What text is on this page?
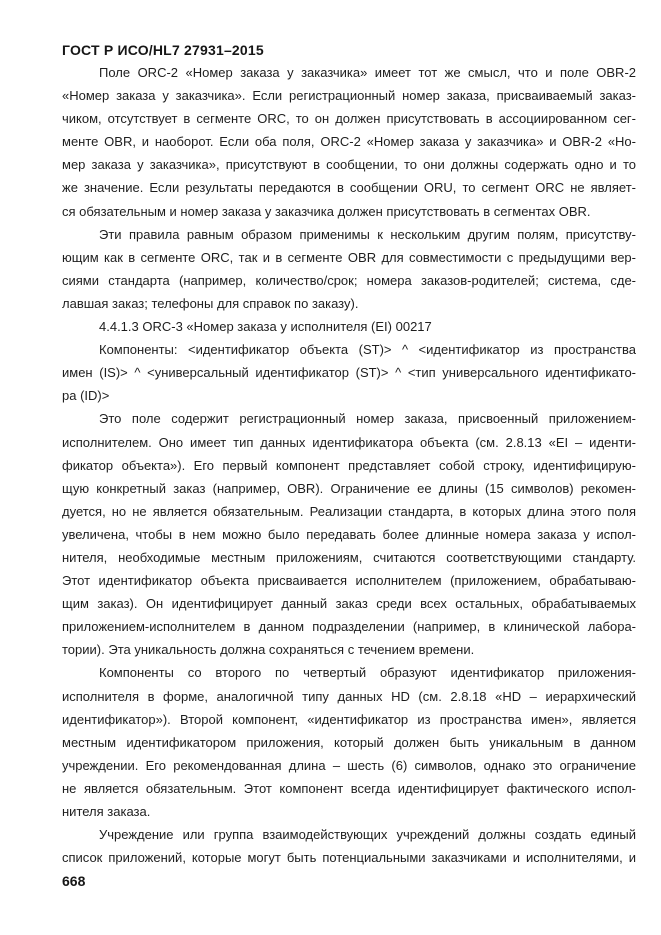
ГОСТ Р ИСО/HL7 27931–2015
Поле ORC-2 «Номер заказа у заказчика» имеет тот же смысл, что и поле OBR-2
«Номер заказа у заказчика». Если регистрационный номер заказа, присваиваемый заказ-
чиком, отсутствует в сегменте ORC, то он должен присутствовать в ассоциированном сег-
менте OBR, и наоборот. Если оба поля, ORC-2 «Номер заказа у заказчика» и OBR-2 «Но-
мер заказа у заказчика», присутствуют в сообщении, то они должны содержать одно и то
же значение. Если результаты передаются в сообщении ORU, то сегмент ORC не являет-
ся обязательным и номер заказа у заказчика должен присутствовать в сегментах OBR.
Эти правила равным образом применимы к нескольким другим полям, присутству-
ющим как в сегменте ORC, так и в сегменте OBR для совместимости с предыдущими вер-
сиями стандарта (например, количество/срок; номера заказов-родителей; система, сде-
лавшая заказ; телефоны для справок по заказу).
4.4.1.3 ORC-3 «Номер заказа у исполнителя (EI) 00217
Компоненты: <идентификатор объекта (ST)> ^ <идентификатор из пространства
имен (IS)> ^ <универсальный идентификатор (ST)> ^ <тип универсального идентификато-
ра (ID)>
Это поле содержит регистрационный номер заказа, присвоенный приложением-
исполнителем. Оно имеет тип данных идентификатора объекта (см. 2.8.13 «EI – иденти-
фикатор объекта»). Его первый компонент представляет собой строку, идентифицирую-
щую конкретный заказ (например, OBR). Ограничение ее длины (15 символов) рекомен-
дуется, но не является обязательным. Реализации стандарта, в которых длина этого поля
увеличена, чтобы в нем можно было передавать более длинные номера заказа у испол-
нителя, необходимые местным приложениям, считаются соответствующими стандарту.
Этот идентификатор объекта присваивается исполнителем (приложением, обрабатываю-
щим заказ). Он идентифицирует данный заказ среди всех остальных, обрабатываемых
приложением-исполнителем в данном подразделении (например, в клинической лабора-
тории). Эта уникальность должна сохраняться с течением времени.
Компоненты со второго по четвертый образуют идентификатор приложения-
исполнителя в форме, аналогичной типу данных HD (см. 2.8.18 «HD – иерархический
идентификатор»). Второй компонент, «идентификатор из пространства имен», является
местным идентификатором приложения, который должен быть уникальным в данном
учреждении. Его рекомендованная длина – шесть (6) символов, однако это ограничение
не является обязательным. Этот компонент всегда идентифицирует фактического испол-
нителя заказа.
Учреждение или группа взаимодействующих учреждений должны создать единый
список приложений, которые могут быть потенциальными заказчиками и исполнителями, и
668
